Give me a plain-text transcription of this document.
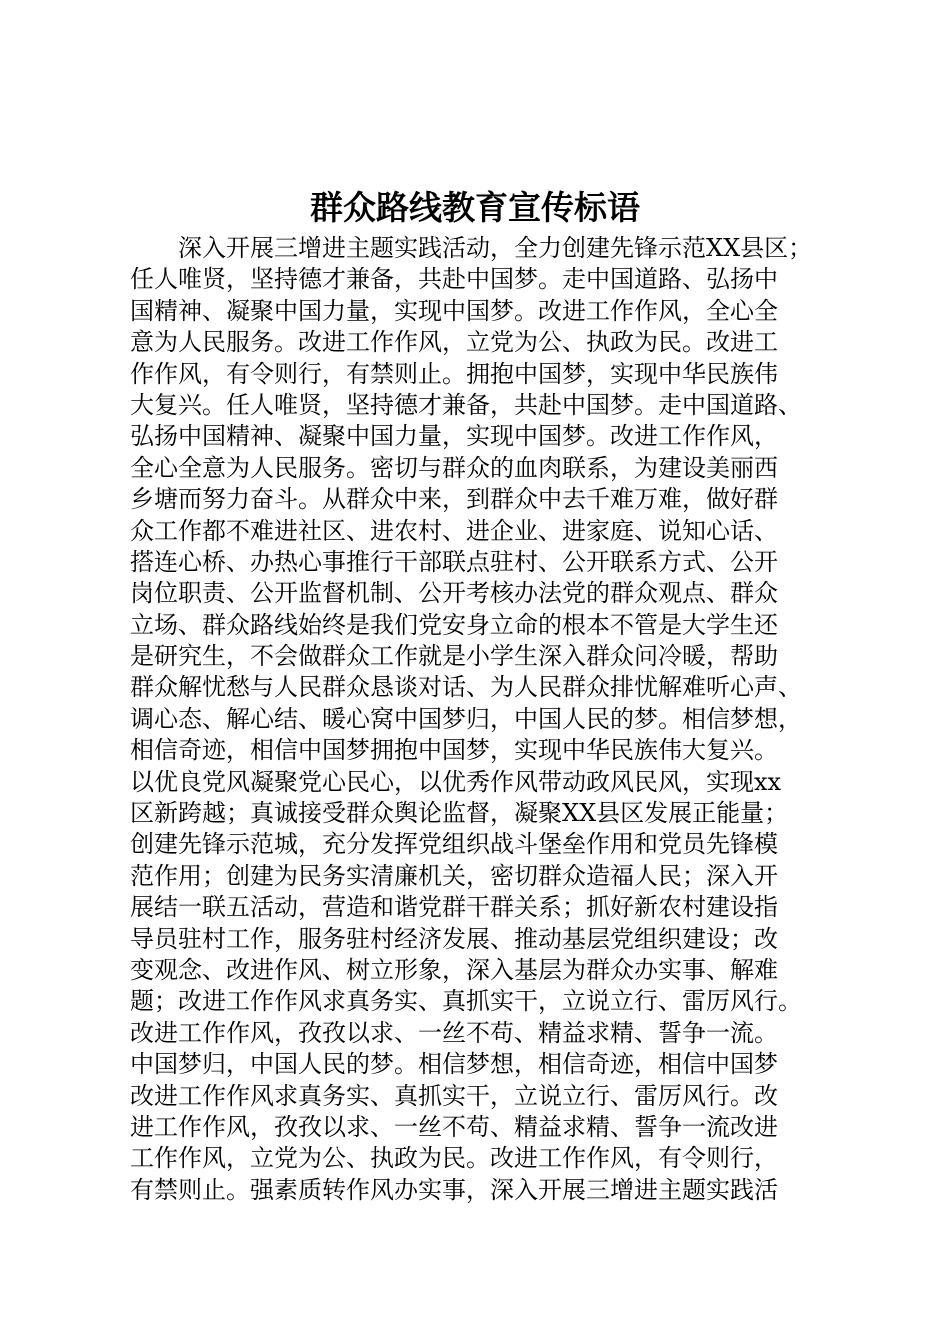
群众路线教育宣传标语
深入开展三增进主题实践活动，全力创建先锋示范XX县区；
任人唯贤，坚持德才兼备，共赴中国梦。走中国道路、弘扬中
国精神、凝聚中国力量，实现中国梦。改进工作作风，全心全
意为人民服务。改进工作作风，立党为公、执政为民。改进工
作作风，有令则行，有禁则止。拥抱中国梦，实现中华民族伟
大复兴。任人唯贤，坚持德才兼备，共赴中国梦。走中国道路、
弘扬中国精神、凝聚中国力量，实现中国梦。改进工作作风，
全心全意为人民服务。密切与群众的血肉联系，为建设美丽西
乡塘而努力奋斗。从群众中来，到群众中去千难万难，做好群
众工作都不难进社区、进农村、进企业、进家庭、说知心话、
搭连心桥、办热心事推行干部联点驻村、公开联系方式、公开
岗位职责、公开监督机制、公开考核办法党的群众观点、群众
立场、群众路线始终是我们党安身立命的根本不管是大学生还
是研究生，不会做群众工作就是小学生深入群众问冷暖，帮助
群众解忧愁与人民群众恳谈对话、为人民群众排忧解难听心声、
调心态、解心结、暖心窝中国梦归，中国人民的梦。相信梦想，
相信奇迹，相信中国梦拥抱中国梦，实现中华民族伟大复兴。
以优良党风凝聚党心民心，以优秀作风带动政风民风，实现xx
区新跨越；真诚接受群众舆论监督，凝聚XX县区发展正能量；
创建先锋示范城，充分发挥党组织战斗堡垒作用和党员先锋模
范作用；创建为民务实清廉机关，密切群众造福人民；深入开
展结一联五活动，营造和谐党群干群关系；抓好新农村建设指
导员驻村工作，服务驻村经济发展、推动基层党组织建设；改
变观念、改进作风、树立形象，深入基层为群众办实事、解难
题；改进工作作风求真务实、真抓实干，立说立行、雷厉风行。
改进工作作风，孜孜以求、一丝不苟、精益求精、誓争一流。
中国梦归，中国人民的梦。相信梦想，相信奇迹，相信中国梦
改进工作作风求真务实、真抓实干，立说立行、雷厉风行。改
进工作作风，孜孜以求、一丝不苟、精益求精、誓争一流改进
工作作风，立党为公、执政为民。改进工作作风，有令则行，
有禁则止。强素质转作风办实事，深入开展三增进主题实践活
